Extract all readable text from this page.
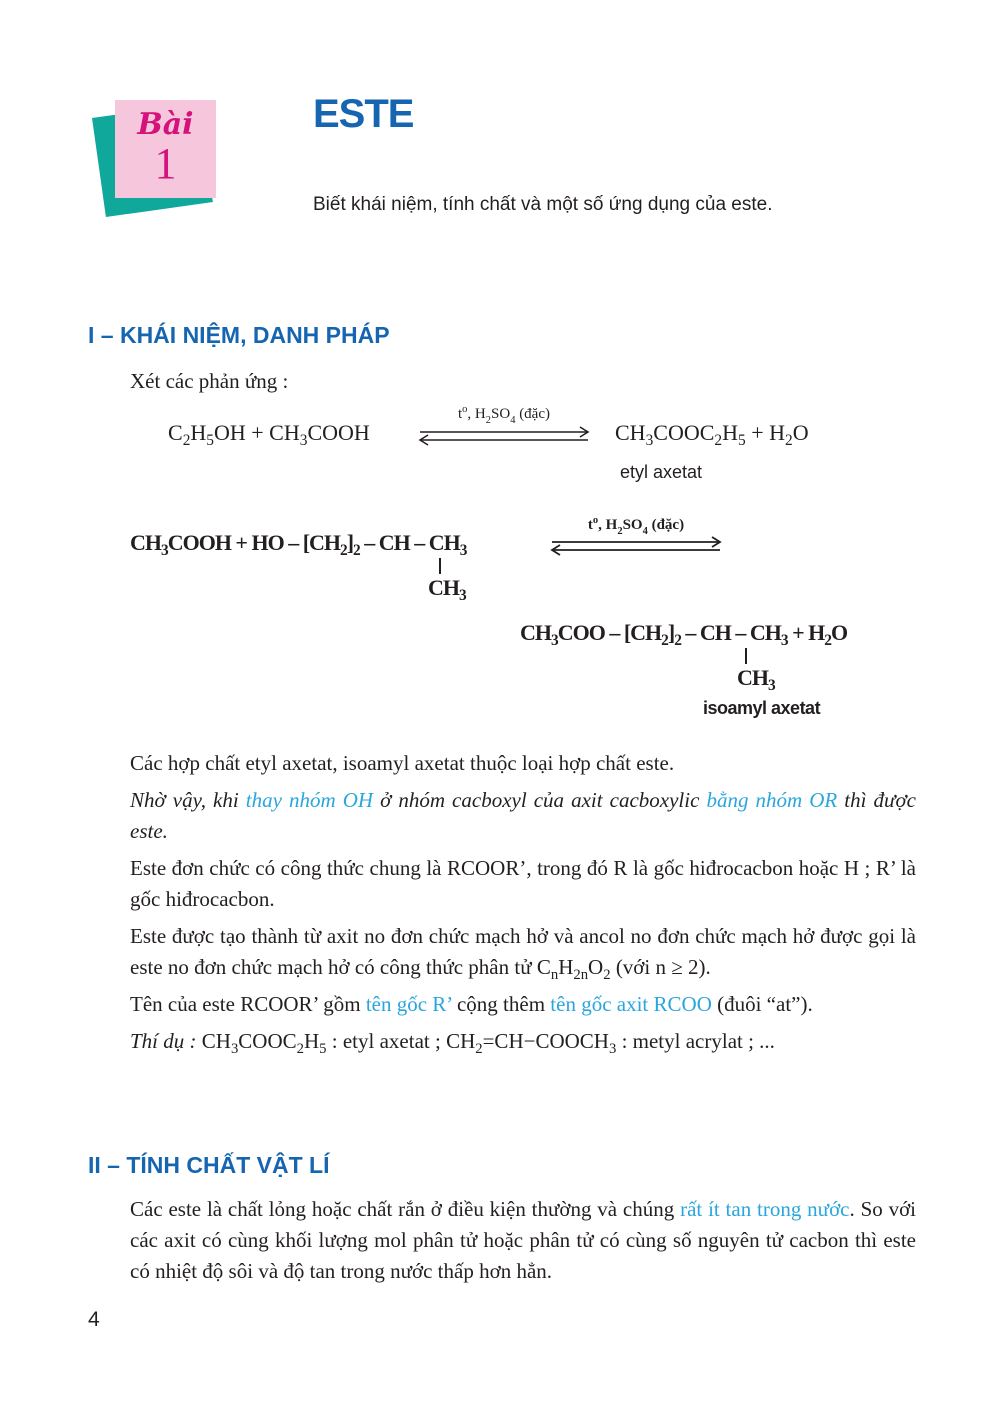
Bài
1
ESTE
Biết khái niệm, tính chất và một số ứng dụng của este.
I – KHÁI NIỆM, DANH PHÁP
Xét các phản ứng :
$C_2H_5OH$ + $CH_3COOH$
$t^o$, $H_2SO_4$ (đặc)
$CH_3COOC_2H_5 + H_2O$
etyl axetat
$CH_3COOH$ + HO – $[CH_2]_2$ – CH – $CH_3$
$CH_3$
$t^o$, $H_2SO_4$ (đặc)
$CH_3COO - [CH_2]_2$ – CH – $CH_3 + H_2O$
$CH_3$
isoamyl axetat

Các hợp chất etyl axetat, isoamyl axetat thuộc loại hợp chất este.

Nhờ vậy, khi thay nhóm OH ở nhóm cacboxyl của axit cacboxylic bằng nhóm OR thì được este.

Este đơn chức có công thức chung là RCOOR’, trong đó R là gốc hiđrocacbon hoặc H ; R’ là gốc hiđrocacbon.

Este được tạo thành từ axit no đơn chức mạch hở và ancol no đơn chức mạch hở được gọi là este no đơn chức mạch hở có công thức phân tử $C_nH_{2n}O_2$ (với n ≥ 2).

Tên của este RCOOR’ gồm tên gốc R’ cộng thêm tên gốc axit RCOO (đuôi “at”).

Thí dụ : $CH_3COOC_2H_5$ : etyl axetat ; $CH_2=CH-COOCH_3$ : metyl acrylat ; ...

II – TÍNH CHẤT VẬT LÍ
Các este là chất lỏng hoặc chất rắn ở điều kiện thường và chúng rất ít tan trong nước. So với các axit có cùng khối lượng mol phân tử hoặc phân tử có cùng số nguyên tử cacbon thì este có nhiệt độ sôi và độ tan trong nước thấp hơn hẳn.
4
